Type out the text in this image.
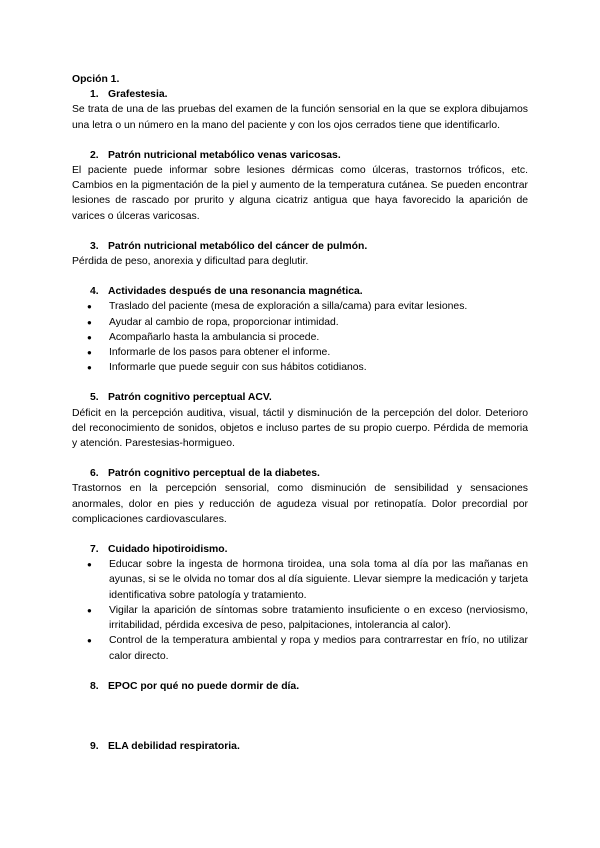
Opción 1.

1. Grafestesia.

Se trata de una de las pruebas del examen de la función sensorial en la que se explora dibujamos una letra o un número en la mano del paciente y con los ojos cerrados tiene que identificarlo.

2. Patrón nutricional metabólico venas varicosas.

El paciente puede informar sobre lesiones dérmicas como úlceras, trastornos tróficos, etc. Cambios en la pigmentación de la piel y aumento de la temperatura cutánea. Se pueden encontrar lesiones de rascado por prurito y alguna cicatriz antigua que haya favorecido la aparición de varices o úlceras varicosas.

3. Patrón nutricional metabólico del cáncer de pulmón.

Pérdida de peso, anorexia y dificultad para deglutir.

4. Actividades después de una resonancia magnética.

● Traslado del paciente (mesa de exploración a silla/cama) para evitar lesiones.
● Ayudar al cambio de ropa, proporcionar intimidad.
● Acompañarlo hasta la ambulancia si procede.
● Informarle de los pasos para obtener el informe.
● Informarle que puede seguir con sus hábitos cotidianos.

5. Patrón cognitivo perceptual ACV.

Déficit en la percepción auditiva, visual, táctil y disminución de la percepción del dolor. Deterioro del reconocimiento de sonidos, objetos e incluso partes de su propio cuerpo. Pérdida de memoria y atención. Parestesias-hormigueo.

6. Patrón cognitivo perceptual de la diabetes.

Trastornos en la percepción sensorial, como disminución de sensibilidad y sensaciones anormales, dolor en pies y reducción de agudeza visual por retinopatía. Dolor precordial por complicaciones cardiovasculares.

7. Cuidado hipotiroidismo.

● Educar sobre la ingesta de hormona tiroidea, una sola toma al día por las mañanas en ayunas, si se le olvida no tomar dos al día siguiente. Llevar siempre la medicación y tarjeta identificativa sobre patología y tratamiento.
● Vigilar la aparición de síntomas sobre tratamiento insuficiente o en exceso (nerviosismo, irritabilidad, pérdida excesiva de peso, palpitaciones, intolerancia al calor).
● Control de la temperatura ambiental y ropa y medios para contrarrestar en frío, no utilizar calor directo.

8. EPOC por qué no puede dormir de día.

9. ELA debilidad respiratoria.
